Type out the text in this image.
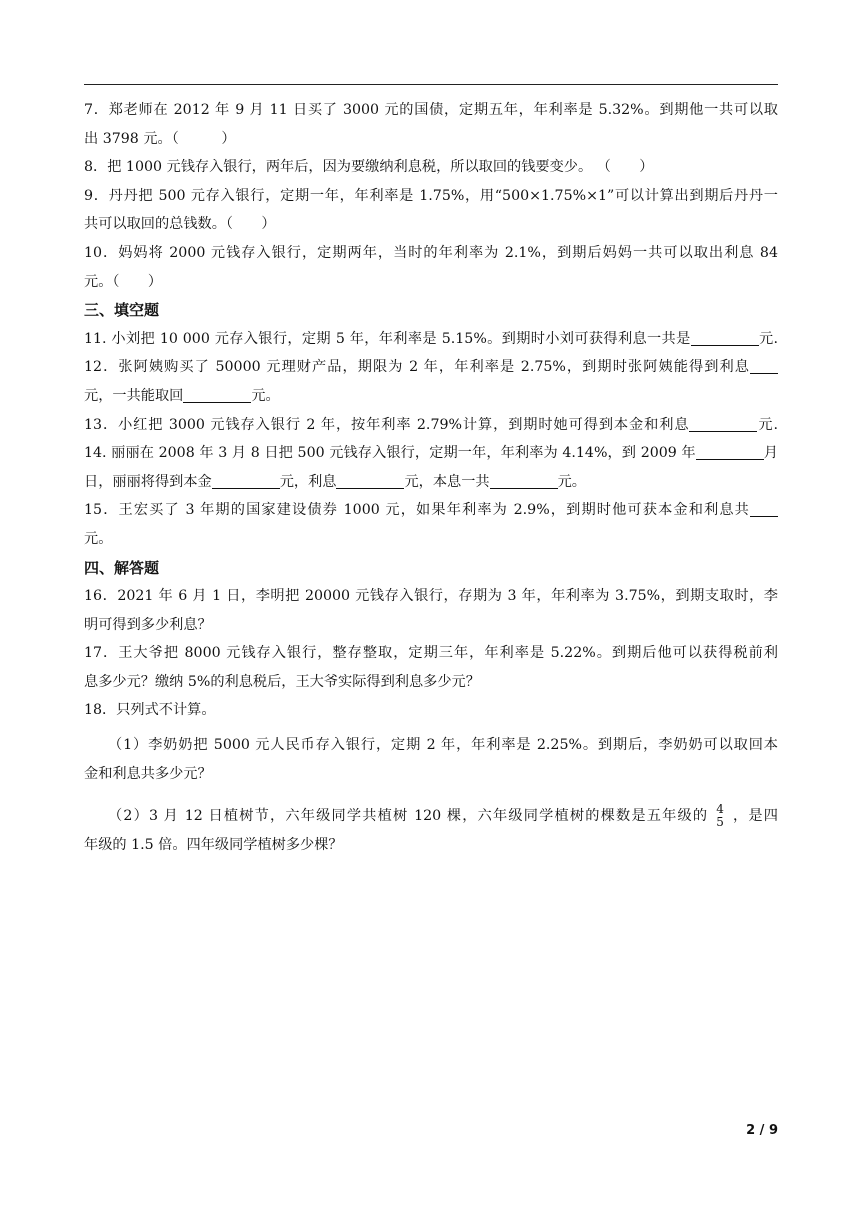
7．郑老师在 2012 年 9 月 11 日买了 3000 元的国债，定期五年，年利率是 5.32%。到期他一共可以取
出 3798 元。（　　　）
8．把 1000 元钱存入银行，两年后，因为要缴纳利息税，所以取回的钱要变少。 （　　）
9．丹丹把 500 元存入银行，定期一年，年利率是 1.75%，用“500×1.75%×1”可以计算出到期后丹丹一
共可以取回的总钱数。（　　）
10．妈妈将 2000 元钱存入银行，定期两年，当时的年利率为 2.1%，到期后妈妈一共可以取出利息 84
元。（　　）
三、填空题
11. 小刘把 10 000 元存入银行，定期 5 年，年利率是 5.15%。到期时小刘可获得利息一共是	元.
12．张阿姨购买了 50000 元理财产品，期限为 2 年，年利率是 2.75%，到期时张阿姨能得到利息
元，一共能取回	元。
13．小红把 3000 元钱存入银行 2 年，按年利率 2.79%计算，到期时她可得到本金和利息	元.
14. 丽丽在 2008 年 3 月 8 日把 500 元钱存入银行，定期一年，年利率为 4.14%，到 2009 年	月
日，丽丽将得到本金	元，利息	元，本息一共	元。
15．王宏买了 3 年期的国家建设债券 1000 元，如果年利率为 2.9%，到期时他可获本金和利息共
元。
四、解答题
16．2021 年 6 月 1 日，李明把 20000 元钱存入银行，存期为 3 年，年利率为 3.75%，到期支取时，李
明可得到多少利息？
17．王大爷把 8000 元钱存入银行，整存整取，定期三年，年利率是 5.22%。到期后他可以获得税前利
息多少元？缴纳 5%的利息税后，王大爷实际得到利息多少元？
18．只列式不计算。
（1）李奶奶把 5000 元人民币存入银行，定期 2 年，年利率是 2.25%。到期后，李奶奶可以取回本
金和利息共多少元？
（2）3 月 12 日植树节，六年级同学共植树 120 棵，六年级同学植树的棵数是五年级的 4
5 ，是四
年级的 1.5 倍。四年级同学植树多少棵？
2 / 9
